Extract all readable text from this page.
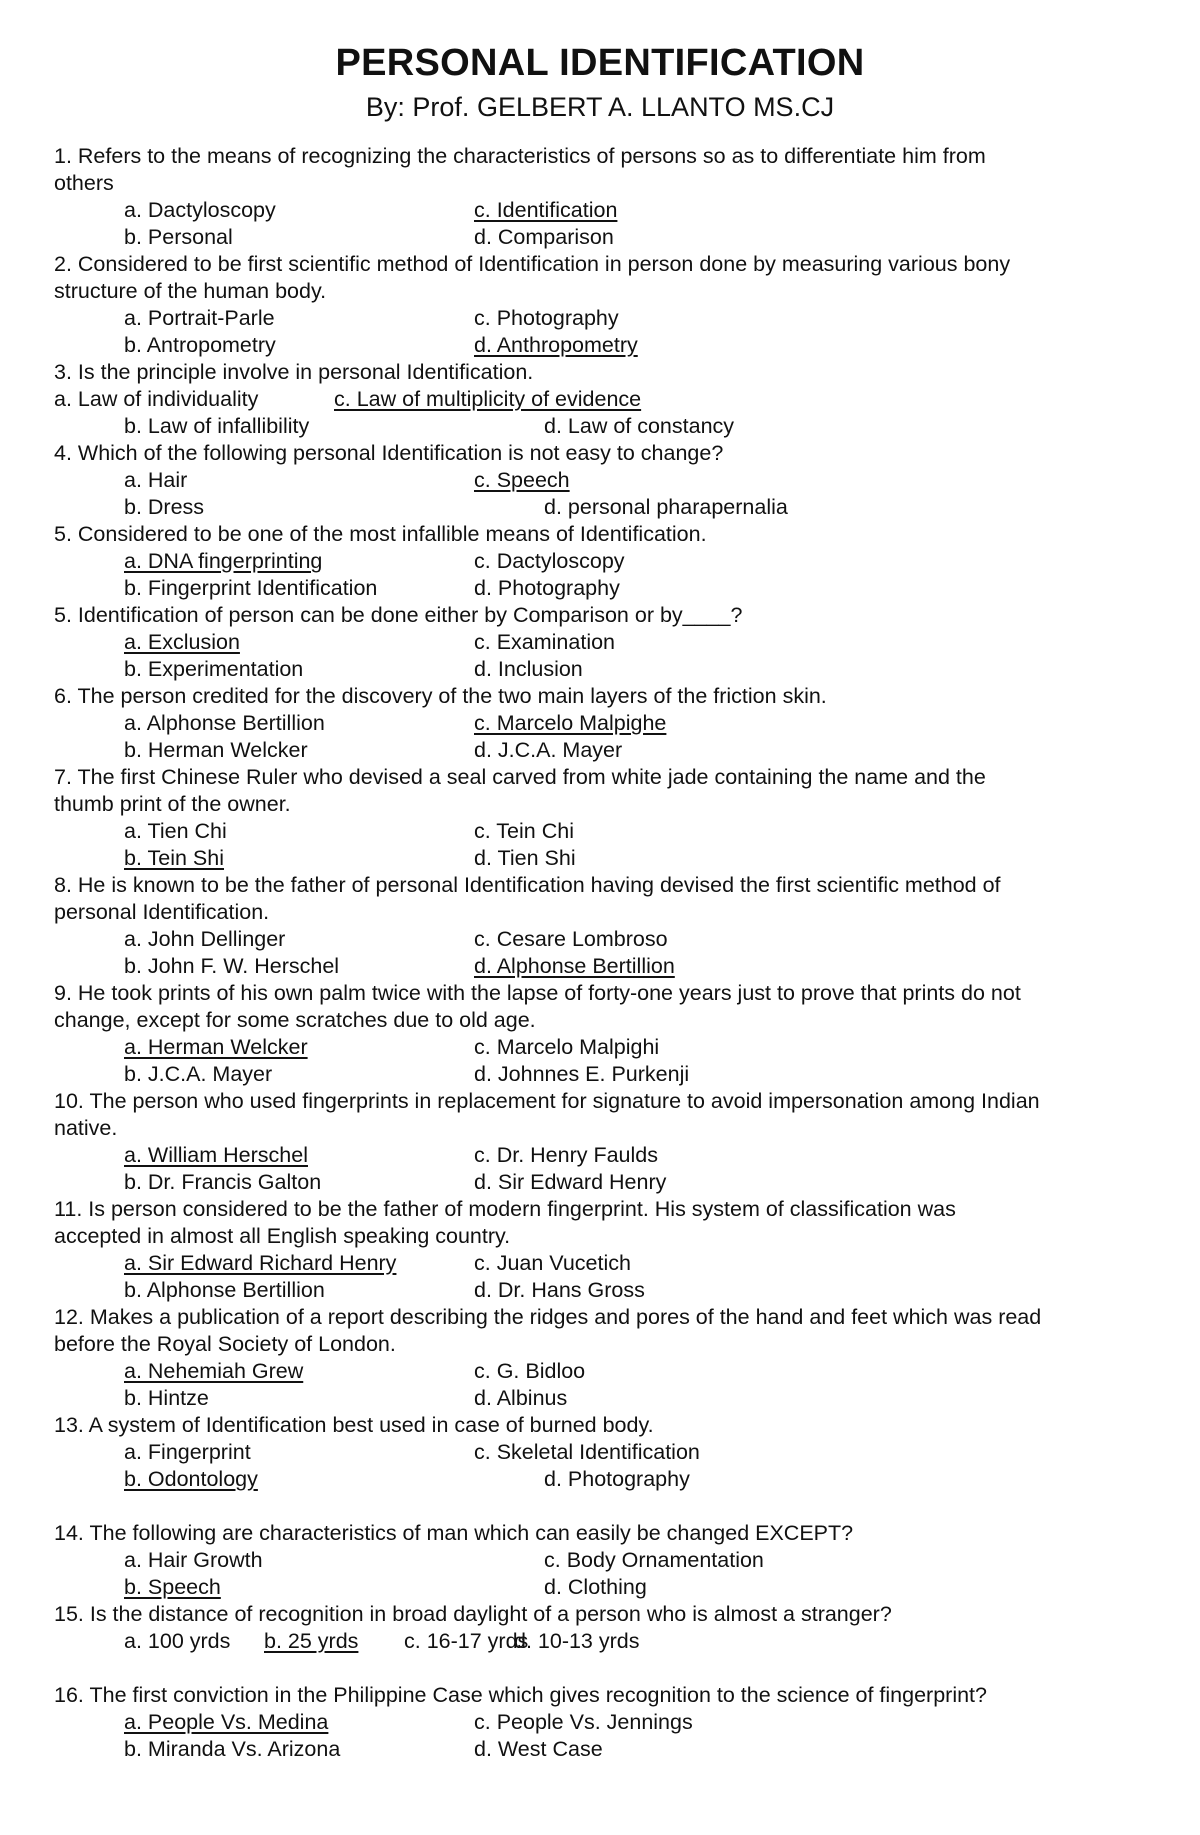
PERSONAL IDENTIFICATION
By: Prof. GELBERT A. LLANTO MS.CJ
1. Refers to the means of recognizing the characteristics of persons so as to differentiate him from
others
a. Dactyloscopy	c. Identification
b. Personal	d. Comparison
2. Considered to be first scientific method of Identification in person done by measuring various bony
structure of the human body.
a. Portrait-Parle	c. Photography
b. Antropometry	d. Anthropometry
3. Is the principle involve in personal Identification.
a. Law of individuality	c. Law of multiplicity of evidence
b. Law of infallibility	d. Law of constancy
4. Which of the following personal Identification is not easy to change?
a. Hair	c. Speech
b. Dress	d. personal pharapernalia
5. Considered to be one of the most infallible means of Identification.
a. DNA fingerprinting	c. Dactyloscopy
b. Fingerprint Identification	d. Photography
5. Identification of person can be done either by Comparison or by____?
a. Exclusion	c. Examination
b. Experimentation	d. Inclusion
6. The person credited for the discovery of the two main layers of the friction skin.
a. Alphonse Bertillion	c. Marcelo Malpighe
b. Herman Welcker	d. J.C.A. Mayer
7. The first Chinese Ruler who devised a seal carved from white jade containing the name and the
thumb print of the owner.
a. Tien Chi	c. Tein Chi
b. Tein Shi	d. Tien Shi
8. He is known to be the father of personal Identification having devised the first scientific method of
personal Identification.
a. John Dellinger	c. Cesare Lombroso
b. John F. W. Herschel	d. Alphonse Bertillion
9. He took prints of his own palm twice with the lapse of forty-one years just to prove that prints do not
change, except for some scratches due to old age.
a. Herman Welcker	c. Marcelo Malpighi
b. J.C.A. Mayer	d. Johnnes E. Purkenji
10. The person who used fingerprints in replacement for signature to avoid impersonation among Indian
native.
a. William Herschel	c. Dr. Henry Faulds
b. Dr. Francis Galton	d. Sir Edward Henry
11. Is person considered to be the father of modern fingerprint. His system of classification was
accepted in almost all English speaking country.
a. Sir Edward Richard Henry	c. Juan Vucetich
b. Alphonse Bertillion	d. Dr. Hans Gross
12. Makes a publication of a report describing the ridges and pores of the hand and feet which was read
before the Royal Society of London.
a. Nehemiah Grew	c. G. Bidloo
b. Hintze	d. Albinus
13. A system of Identification best used in case of burned body.
a. Fingerprint	c. Skeletal Identification
b. Odontology	d. Photography
14. The following are characteristics of man which can easily be changed EXCEPT?
a. Hair Growth	c. Body Ornamentation
b. Speech	d. Clothing
15. Is the distance of recognition in broad daylight of a person who is almost a stranger?
a. 100 yrds b. 25 yrds c. 16-17 yrds
d. 10-13 yrds
16. The first conviction in the Philippine Case which gives recognition to the science of fingerprint?
a. People Vs. Medina	c. People Vs. Jennings
b. Miranda Vs. Arizona	d. West Case
